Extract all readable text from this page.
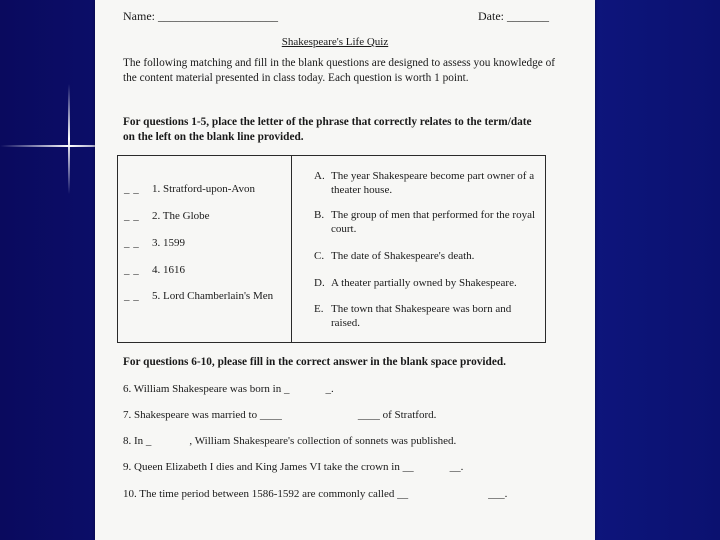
Name: ____________________	Date: _______
Shakespeare's Life Quiz

The following matching and fill in the blank questions are designed to assess you knowledge of the content material presented in class today. Each question is worth 1 point.

For questions 1-5, place the letter of the phrase that correctly relates to the term/date on the left on the blank line provided.

_ _ 1. Stratford-upon-Avon
_ _ 2. The Globe
_ _ 3. 1599
_ _ 4. 1616
_ _ 5. Lord Chamberlain's Men
A. The year Shakespeare become part owner of a theater house.
B. The group of men that performed for the royal court.
C. The date of Shakespeare's death.
D. A theater partially owned by Shakespeare.
E. The town that Shakespeare was born and raised.

For questions 6-10, please fill in the correct answer in the blank space provided.

6. William Shakespeare was born in _	_.
7. Shakespeare was married to ____	____ of Stratford.
8. In _	, William Shakespeare's collection of sonnets was published.
9. Queen Elizabeth I dies and King James VI take the crown in __	__.
10. The time period between 1586-1592 are commonly called __	___.
